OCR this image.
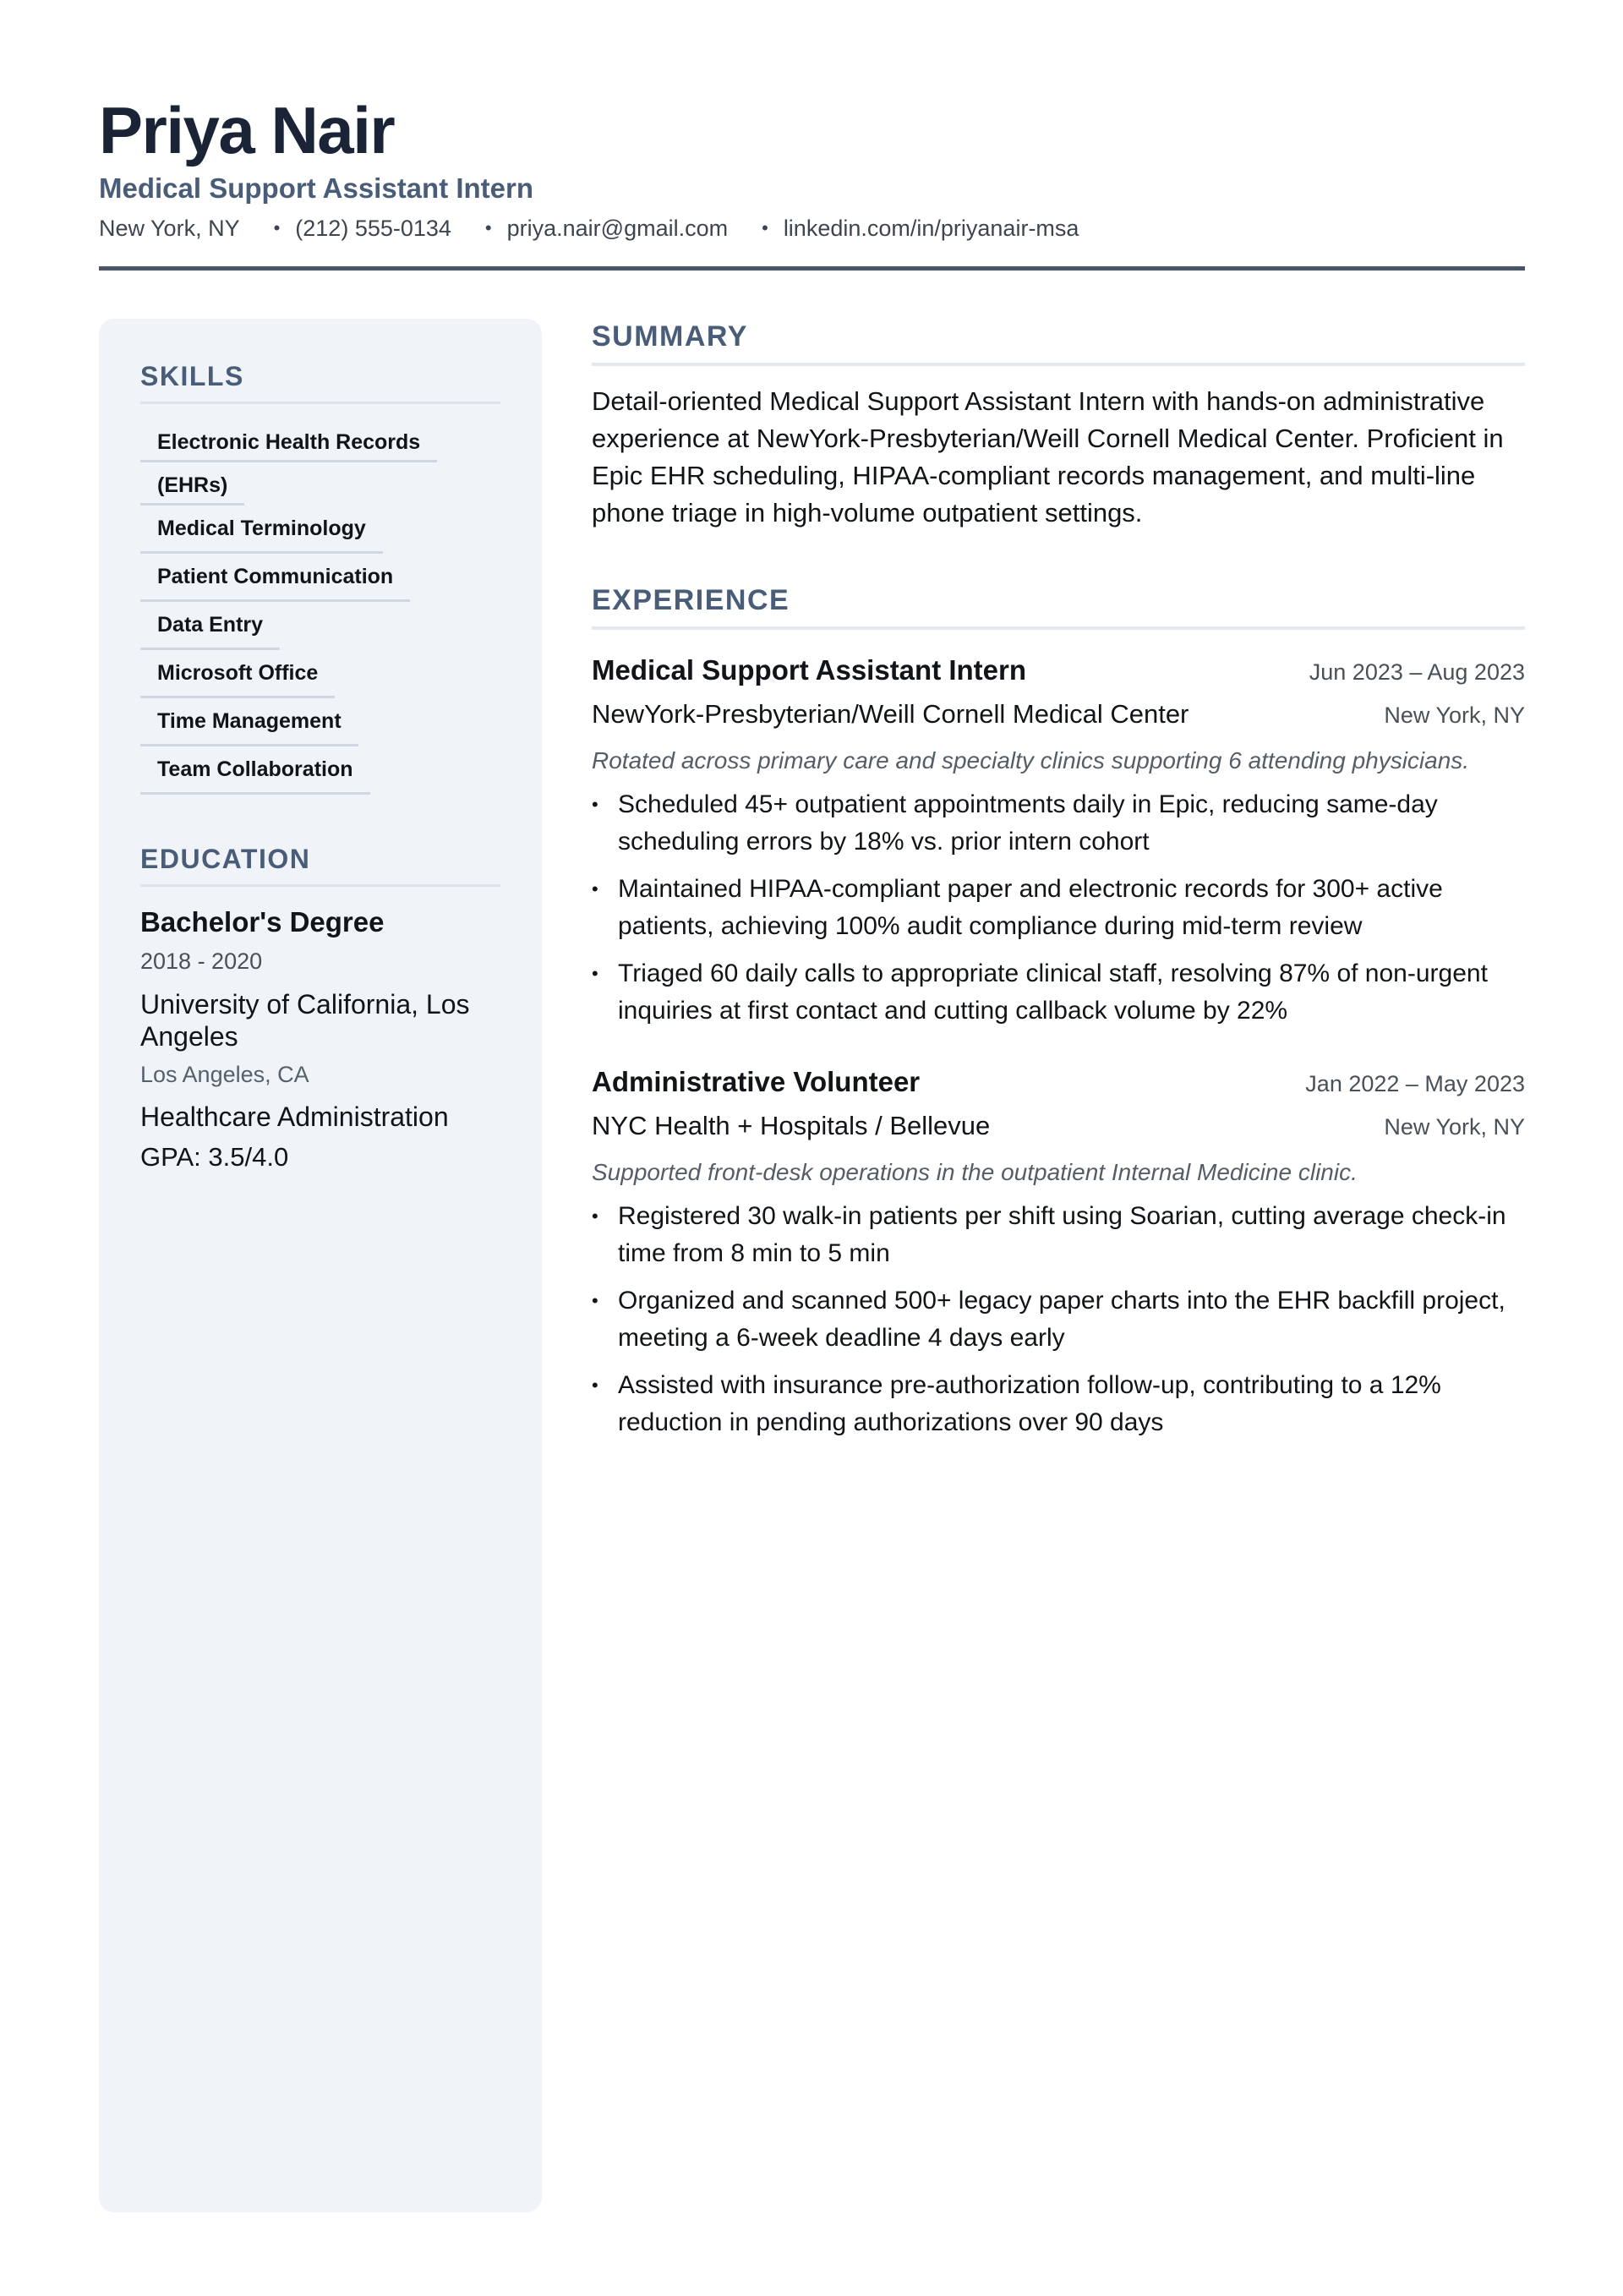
Priya Nair
Medical Support Assistant Intern
New York, NY • (212) 555-0134 • priya.nair@gmail.com • linkedin.com/in/priyanair-msa
SKILLS
Electronic Health Records
(EHRs)
Medical Terminology
Patient Communication
Data Entry
Microsoft Office
Time Management
Team Collaboration
EDUCATION
Bachelor's Degree
2018 - 2020
University of California, Los Angeles
Los Angeles, CA
Healthcare Administration
GPA: 3.5/4.0
SUMMARY

Detail-oriented Medical Support Assistant Intern with hands-on administrative experience at NewYork-Presbyterian/Weill Cornell Medical Center. Proficient in Epic EHR scheduling, HIPAA-compliant records management, and multi-line phone triage in high-volume outpatient settings.

EXPERIENCE
Medical Support Assistant Intern	Jun 2023 – Aug 2023
NewYork-Presbyterian/Weill Cornell Medical Center	New York, NY
Rotated across primary care and specialty clinics supporting 6 attending physicians.
• Scheduled 45+ outpatient appointments daily in Epic, reducing same-day scheduling errors by 18% vs. prior intern cohort
• Maintained HIPAA-compliant paper and electronic records for 300+ active patients, achieving 100% audit compliance during mid-term review
• Triaged 60 daily calls to appropriate clinical staff, resolving 87% of non-urgent inquiries at first contact and cutting callback volume by 22%
Administrative Volunteer	Jan 2022 – May 2023
NYC Health + Hospitals / Bellevue	New York, NY
Supported front-desk operations in the outpatient Internal Medicine clinic.
• Registered 30 walk-in patients per shift using Soarian, cutting average check-in time from 8 min to 5 min
• Organized and scanned 500+ legacy paper charts into the EHR backfill project, meeting a 6-week deadline 4 days early
• Assisted with insurance pre-authorization follow-up, contributing to a 12% reduction in pending authorizations over 90 days
